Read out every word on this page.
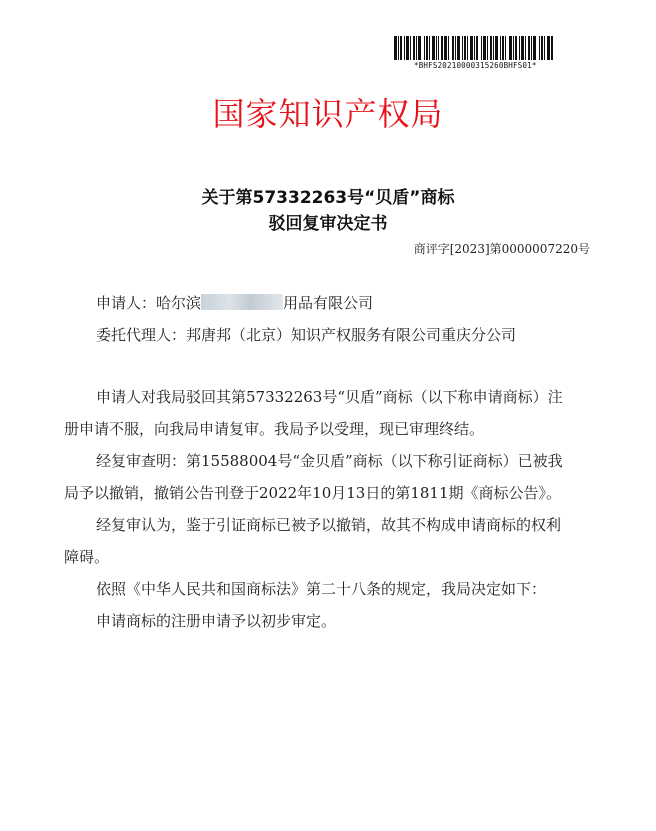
*BHFS20210000315260BHFS01*
国家知识产权局
关于第57332263号“贝盾”商标
驳回复审决定书
商评字[2023]第0000007220号
申请人：哈尔滨	用品有限公司
委托代理人：邦唐邦（北京）知识产权服务有限公司重庆分公司
申请人对我局驳回其第57332263号“贝盾”商标（以下称申请商标）注
册申请不服，向我局申请复审。我局予以受理，现已审理终结。
经复审查明：第15588004号“金贝盾”商标（以下称引证商标）已被我
局予以撤销，撤销公告刊登于2022年10月13日的第1811期《商标公告》。
经复审认为，鉴于引证商标已被予以撤销，故其不构成申请商标的权利
障碍。
依照《中华人民共和国商标法》第二十八条的规定，我局决定如下：
申请商标的注册申请予以初步审定。
